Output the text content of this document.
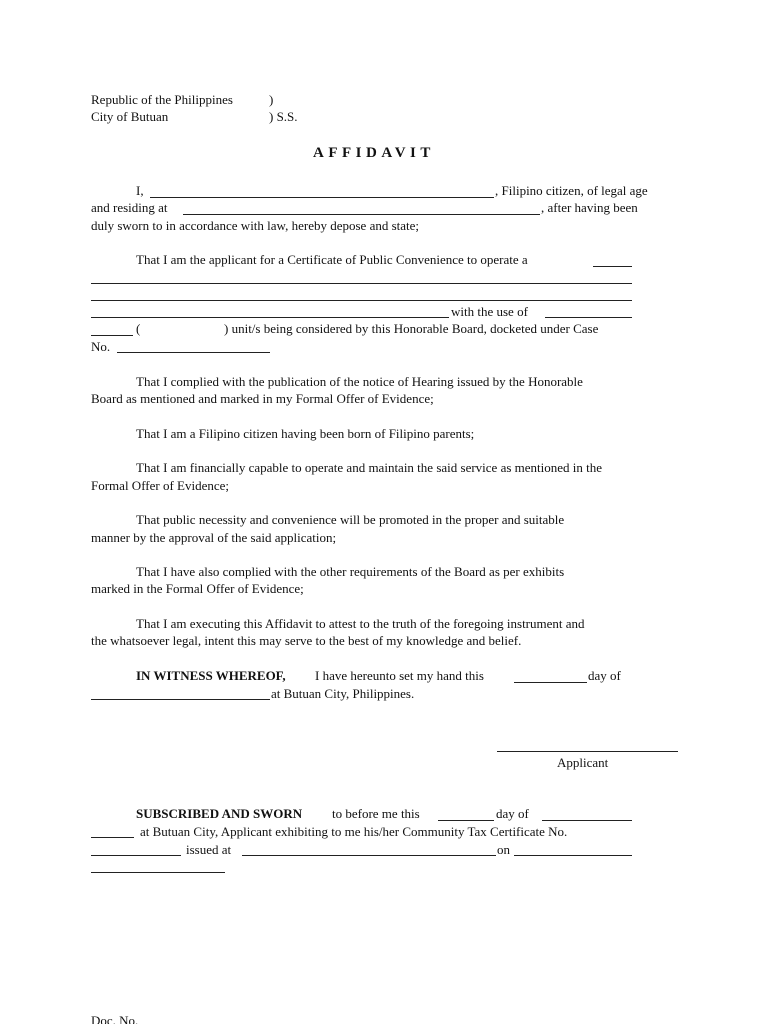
Republic of the Philippines	)
City of Butuan	) S.S.
AFFIDAVIT
I,	, Filipino citizen, of legal age
and residing at	, after having been
duly sworn to in accordance with law, hereby depose and state;
That I am the applicant for a Certificate of Public Convenience to operate a
with the use of
(	) unit/s being considered by this Honorable Board, docketed under Case
No.
That I complied with the publication of the notice of Hearing issued by the Honorable
Board as mentioned and marked in my Formal Offer of Evidence;
That I am a Filipino citizen having been born of Filipino parents;
That I am financially capable to operate and maintain the said service as mentioned in the
Formal Offer of Evidence;
That public necessity and convenience will be promoted in the proper and suitable
manner by the approval of the said application;
That I have also complied with the other requirements of the Board as per exhibits
marked in the Formal Offer of Evidence;
That I am executing this Affidavit to attest to the truth of the foregoing instrument and
the whatsoever legal, intent this may serve to the best of my knowledge and belief.
IN WITNESS WHEREOF, I have hereunto set my hand this	day of
at Butuan City, Philippines.
Applicant
SUBSCRIBED AND SWORN to before me this	day of
at Butuan City, Applicant exhibiting to me his/her Community Tax Certificate No.
issued at	on
Doc. No.
